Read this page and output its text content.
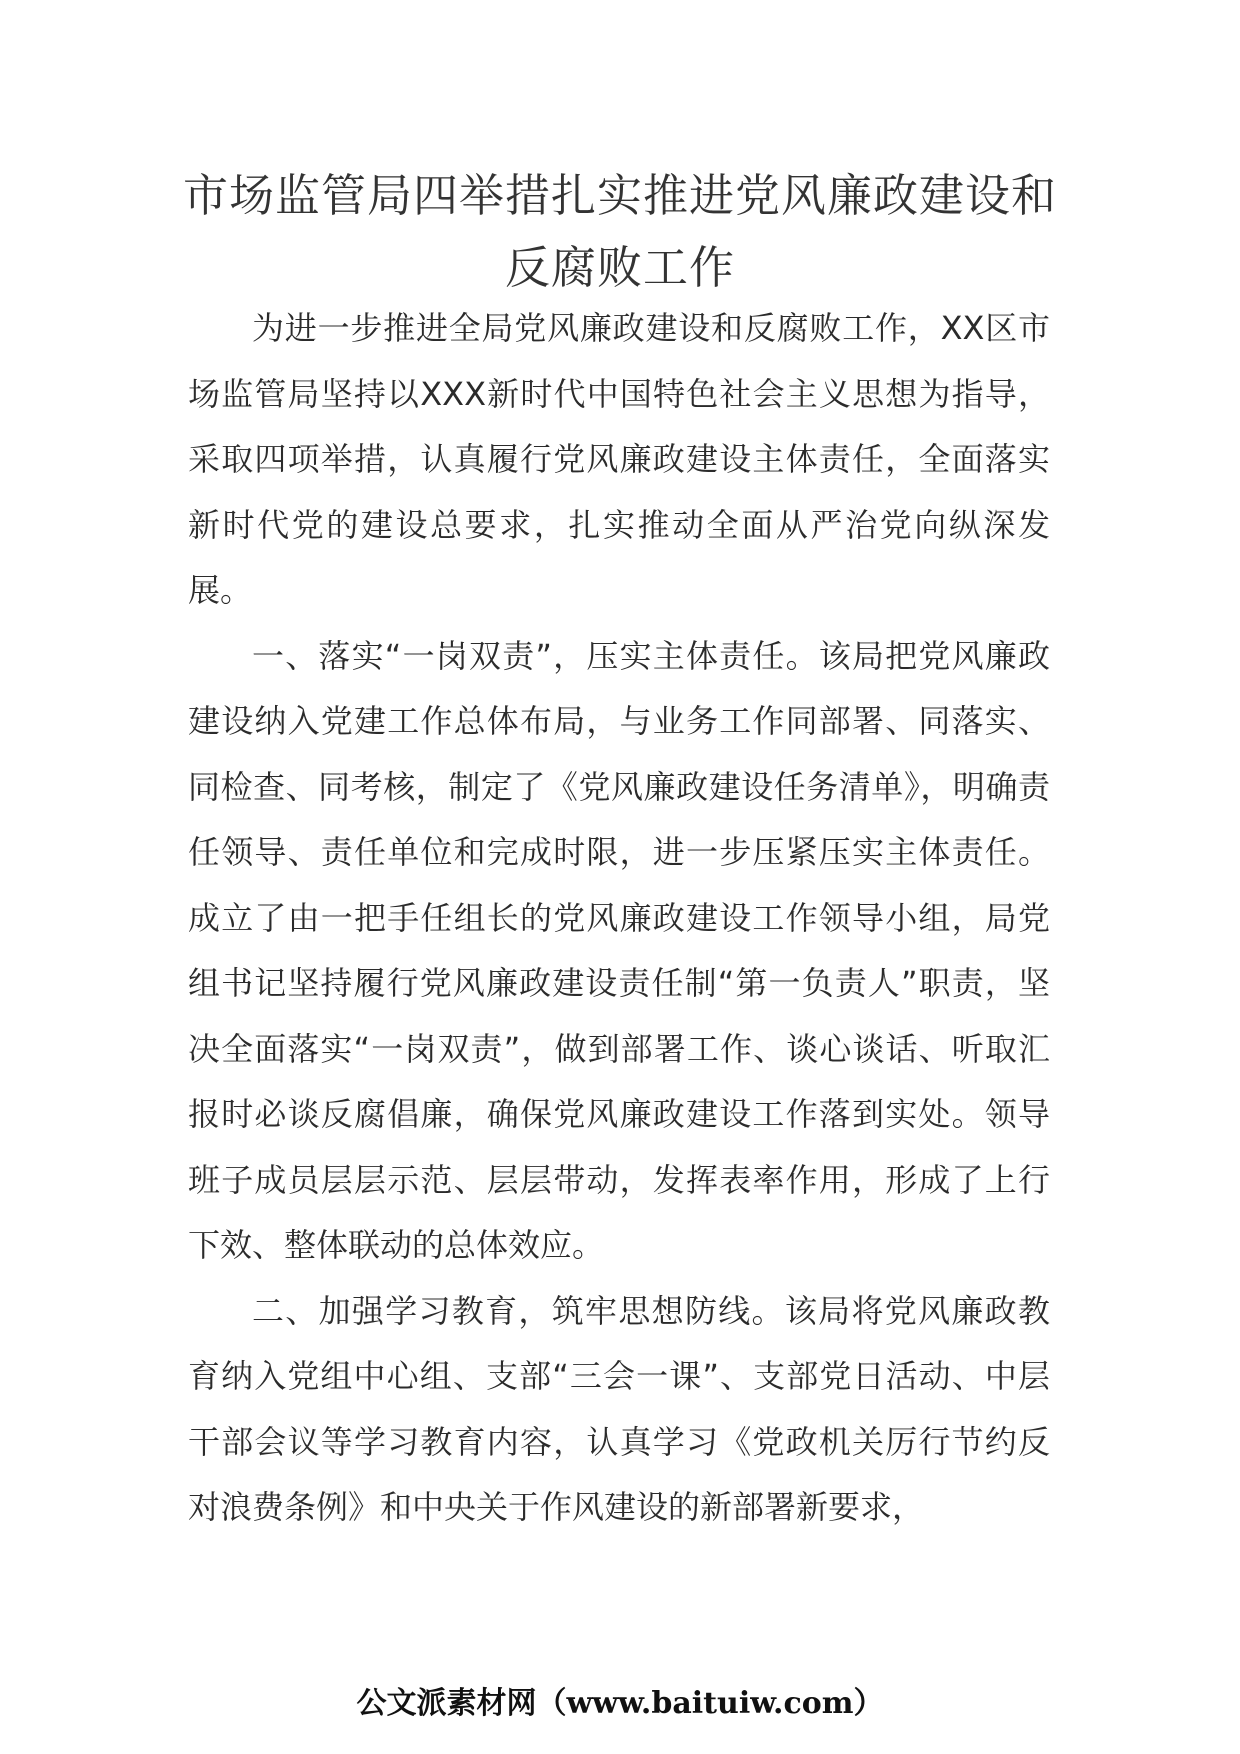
市场监管局四举措扎实推进党风廉政建设和反腐败工作

为进一步推进全局党风廉政建设和反腐败工作，XX区市场监管局坚持以XXX新时代中国特色社会主义思想为指导，采取四项举措，认真履行党风廉政建设主体责任，全面落实新时代党的建设总要求，扎实推动全面从严治党向纵深发展。

一、落实“一岗双责”，压实主体责任。该局把党风廉政建设纳入党建工作总体布局，与业务工作同部署、同落实、同检查、同考核，制定了《党风廉政建设任务清单》，明确责任领导、责任单位和完成时限，进一步压紧压实主体责任。成立了由一把手任组长的党风廉政建设工作领导小组，局党组书记坚持履行党风廉政建设责任制“第一负责人”职责，坚决全面落实“一岗双责”，做到部署工作、谈心谈话、听取汇报时必谈反腐倡廉，确保党风廉政建设工作落到实处。领导班子成员层层示范、层层带动，发挥表率作用，形成了上行下效、整体联动的总体效应。

二、加强学习教育，筑牢思想防线。该局将党风廉政教育纳入党组中心组、支部“三会一课”、支部党日活动、中层干部会议等学习教育内容，认真学习《党政机关厉行节约反对浪费条例》和中央关于作风建设的新部署新要求，

公文派素材网（www.baituiw.com）
